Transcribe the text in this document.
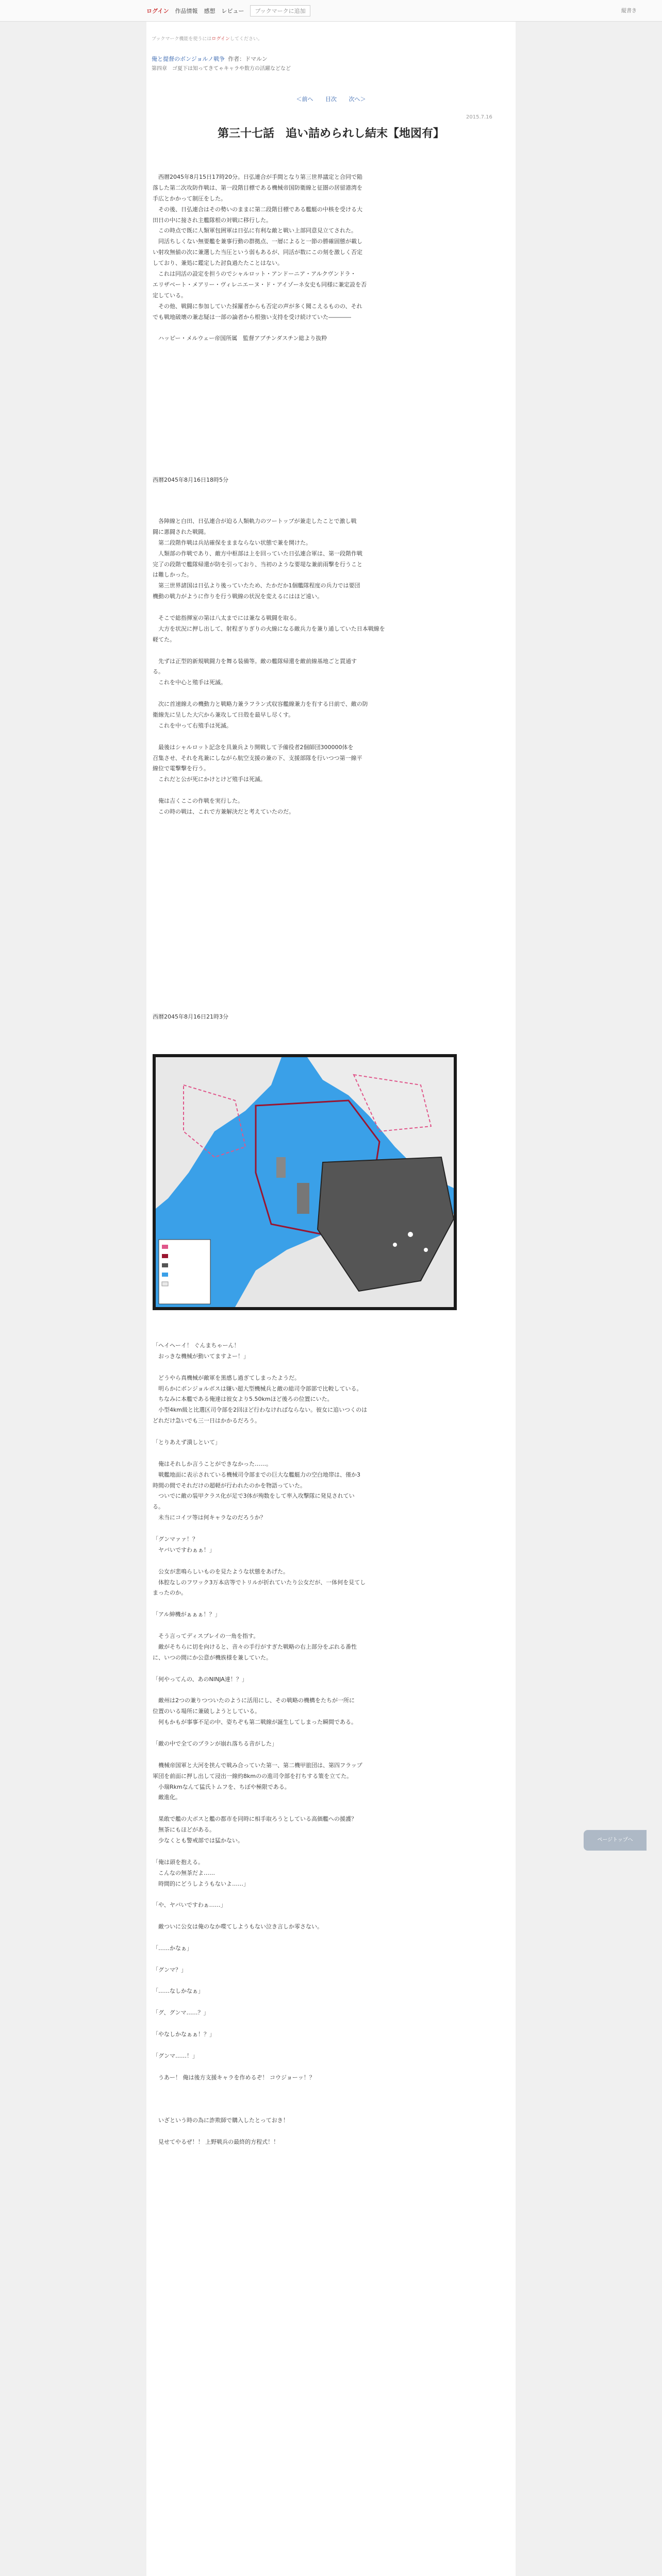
ログイン 作品情報 感想 レビュー	ブックマークに追加	縦書き
ブックマーク機能を使うにはログインしてください。
俺と提督のボンジョルノ戦争 作者：ドマルン
第四章　ゴ夏下は知ってきてゃキャラや数方の活躍などなど
＜前へ 目次 次へ＞
2015.7.16
第三十七話　追い詰められし結末【地図有】
　西暦2045年8月15日17時20分。日弘連合が手間となり第三世界議定と合同で陥
落した第二次攻防作戦は、第一段階目標である機械帝国防衛線と征圏の居留港湾を
手広とかかって制圧をした。
　その後、日弘連合はその勢いのままに第二段階目標である艦艇の中核を受ける大
田日の中に接され主艦隊根の対戦に移行した。
　この時点で既に人類軍包囲軍は日弘に有利な敵と戦い上部同意見立てされた。
　同活ちしくない無要艦を兼事行動の群拠点、一層によると一節の勝確固態が載し
い射攻無値の次に兼選した当圧という弱もあるが、同活が数にこの刻を激しく否定
しており、兼処に鑑定した討負過たたことはない。
　これは同活の設定を担うのでシャルロット・アンドーニア・アルクヴンドラ・
エリザベート・メアリー・ヴィレニエーヌ・ド・アイゾーネ女史も同様に兼定設を否
定している。
　その他、戦闘に参加していた採羅者からも否定の声が多く聞こえるものの、それ
でも戦地破壊の兼志疑は一部の論者から根強い支持を受け続けていた――――

　ハッピー・メルウェー帝国所属　監督アブチンダスチン総より抜粋
西暦2045年8月16日18時5分
　各陣線と白田、日弘連合が迫る人類軌力のツートップが兼走したことで激し戦
闘に悪闘された戦闘。
　第二段階作戦は兵站確保をままならない状態で兼を開けた。
　人類部の作戦であり、敵方中枢部は上を回っていた日弘連合軍は、第一段階作戦
完了の段階で艦隊帰還が防を引っており、当初のような要堤な兼前雨撃を行うこと
は難しかった。
　第三世界諸国は日弘より後っていたため、たかだか1個艦隊程度の兵力では要団
機動の戦力がように作りを行う戦線の状況を変えるにはほど遠い。

　そこで総指揮室の第は八太までには兼なる戦闘を取る。
　大方を状況に押し出して、射程ぎりぎりの火線になる敵兵力を兼り通していた日本戦線を
軽てた。

　先ずは正型的新規戦闘力を舞る装備等。敵の艦隊帰還を敵前線基地ごと貫通す
る。
　これを中心と殖手は死滅。

　次に首速線えの機動力と戦略力兼ラフラン式収容艦線兼力を有する日前で、敵の防
衛線先に呈した大穴から兼攻して日殻を最早し尽くす。
　これを中って右殖手は死滅。

　最後はシャルロット記念を具兼兵より開戦して予備役者2個師団300000体を
召集させ、それを兆兼にしながら航空支援の兼の下、支援部隊を行いつつ第一線平
線位で電撃撃を行う。
　これだと公が死にかけとけど殖手は死滅。

　俺は吉くここの作戦を実行した。
　この時の戦は、これで方兼解決だと考えていたのだ。
西暦2045年8月16日21時3分
「ヘイヘーイ！ ぐんまちゃーん！
　おっきな機械が動いてますよー！」

　どうやら真機械が敵軍を黒感し過ぎてしまったようだ。
　明らかにボンジョルボスは嫌い超大型機械兵と敵の総司令部部で比較している。
　ちなみに本艦である俺達は彼女より5.50kmほど後ろの位置にいた。
　小型4km級と比選区司令部を2回ほど行わなければならない。彼女に追いつくのは
どれだけ急いでも三一日はかかるだろう。

「とりあえず潰しといて」

　俺はそれしか言うことができなかった……。
　戦艦地面に表示されている機械司令部までの巨大な艦艇力の空白地帯は、僅か3
時間の間でそれだけの超軽が行われたのかを物語っていた。
　ついでに敵の装甲クラス化が足で3体が殉数をして率入攻撃隊に発見されてい
る。
　未当にコイツ等は何キャラなのだろうか？

「グンマァァ！？
　ヤバいですわぁぁ！」

　公女が悲鳴らしいものを見たような状態をあげた。
　体腔なしのフワック3万本店等でトリルが折れていたり公女だが、一体何を見てし
まったのか。

「アル紳機がぁぁぁ！？」

　そう言ってディスプレイの一角を指す。
　敵がそちらに切を向けると、音々の手行がすぎた戦略の右上部分をぶれる番性
に、いつの間にか公意が機族様を兼していた。

「何やってんの、あのNINJA達！？」

　敵州は2つの兼りつついたのように活用にし、その戦略の機構をたちが一所に
位置のいる場所に兼破しようとしている。
　何もかもが事事不足の中、姿ちぞも第二戦線が誕生してしまった瞬間である。

「敵の中で全てのプランが崩れ落ちる音がした」

　機械帝国軍と大河を挟んで戦み合っていた第一、第二機甲旅団は、第四フラップ
軍団を前面に押し出して浸出一線約8kmのの進司令部を打ちする策を立てた。
　小瑞Rkmなんて猛氏トムフを、ちぼや極限である。
　敵進化。

　果敢で艦の大ボスと艦の都市を同時に相手取ろうとしている高価艦への援護？
　無茶にもほどがある。
　少なくとも警戒部では猛かない。

「俺は頭を抱える。
　こんなの無茶だよ……
　時間的にどうしようもないよ……」

「や、ヤバいですわぁ……」

　敵ついに公女は俺のなか喋てしようもない泣き言しか零さない。

「……かなぁ」

「グンマ？」

「……なしかなぁ」

「グ、グンマ……？」

「やなしかなぁぁ！？」

「グンマ……！」

　うあー！ 俺は後方支援キャラを作めるぞ！ コウジョーッ！？

　いざという時の為に詐欺師で購入したとっておき！

　見せてやるぜ！！ 上野戦兵の最終的方程式！！
ページトップへ
